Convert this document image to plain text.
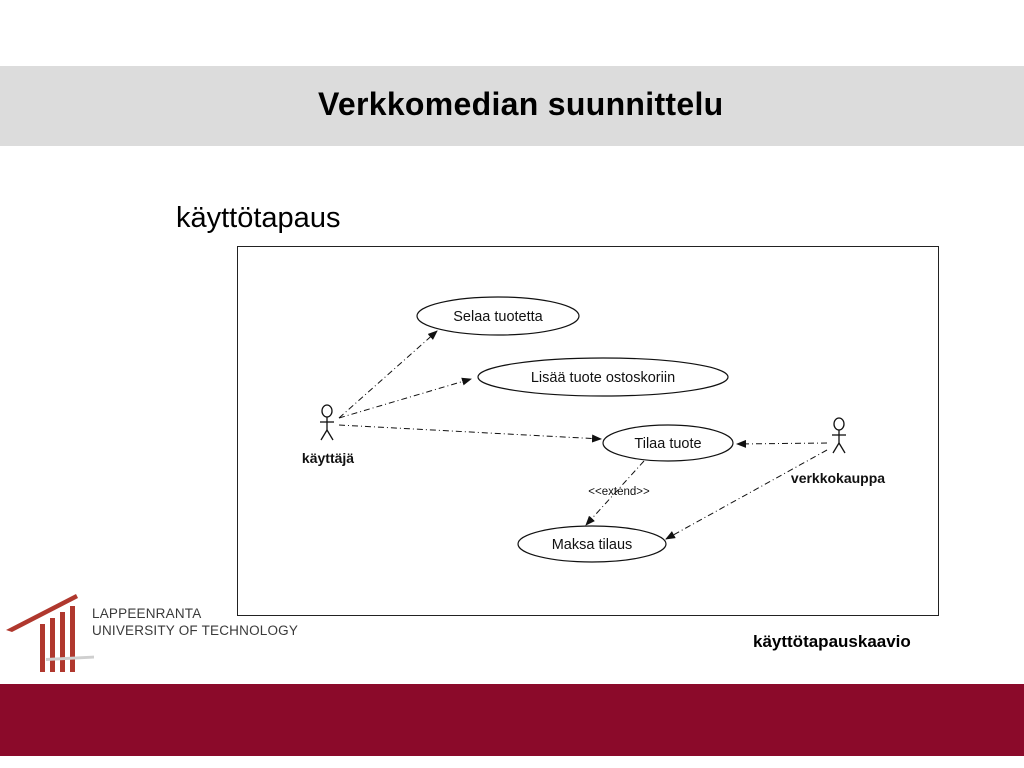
Verkkomedian suunnittelu
käyttötapaus
Selaa tuotetta
Lisää tuote ostoskoriin
Tilaa tuote
Maksa tilaus
käyttäjä
verkkokauppa
<<extend>>
käyttötapauskaavio
LAPPEENRANTA
UNIVERSITY OF TECHNOLOGY
